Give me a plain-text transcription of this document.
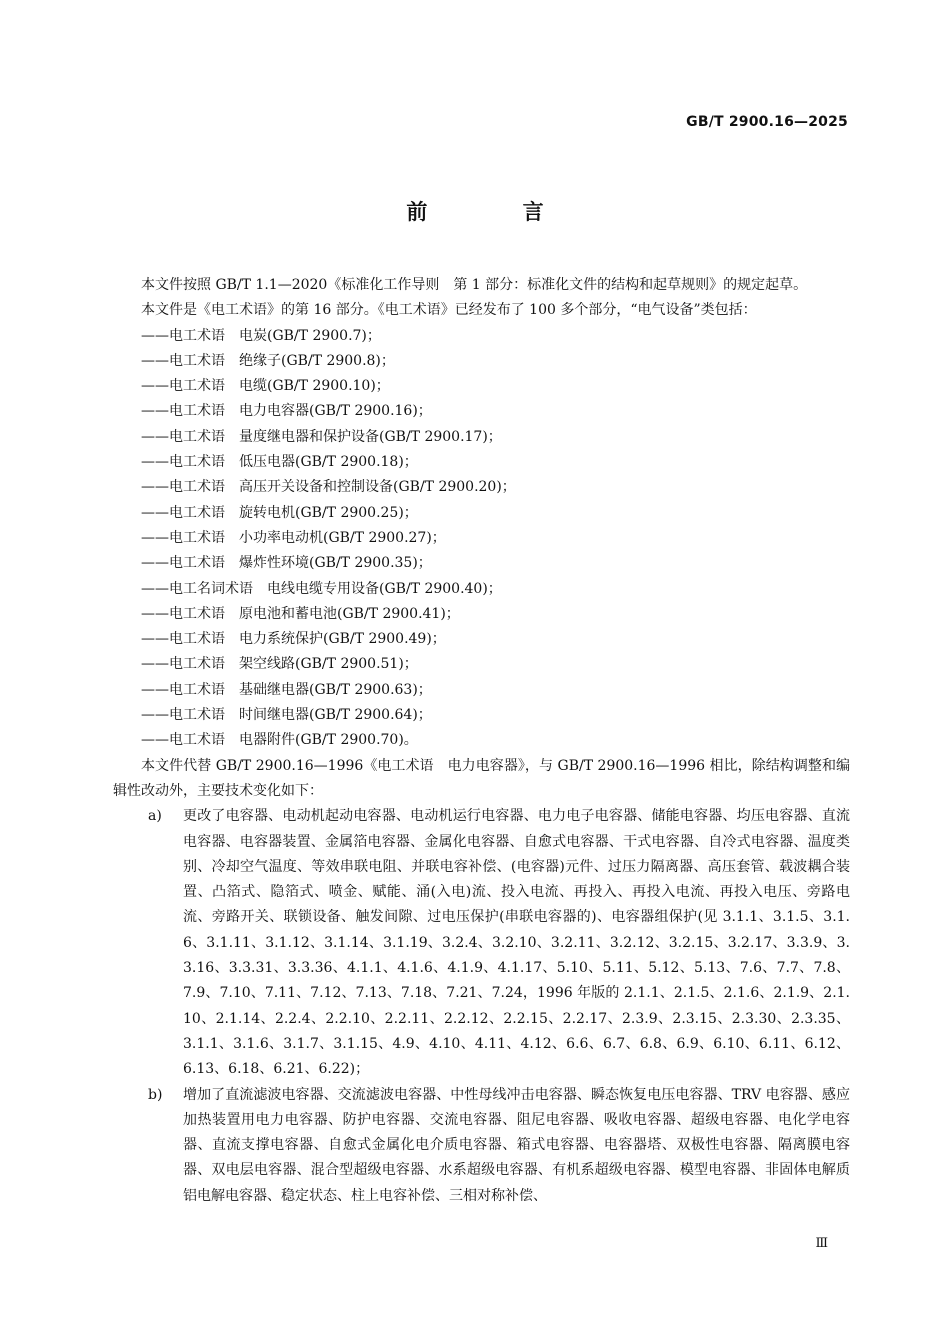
GB/T 2900.16—2025
前 言

本文件按照 GB/T 1.1—2020《标准化工作导则　第 1 部分：标准化文件的结构和起草规则》的规定起草。

本文件是《电工术语》的第 16 部分。《电工术语》已经发布了 100 多个部分，“电气设备”类包括：

——电工术语 电炭(GB/T 2900.7)；

——电工术语 绝缘子(GB/T 2900.8)；

——电工术语 电缆(GB/T 2900.10)；

——电工术语 电力电容器(GB/T 2900.16)；

——电工术语 量度继电器和保护设备(GB/T 2900.17)；

——电工术语 低压电器(GB/T 2900.18)；

——电工术语 高压开关设备和控制设备(GB/T 2900.20)；

——电工术语 旋转电机(GB/T 2900.25)；

——电工术语 小功率电动机(GB/T 2900.27)；

——电工术语 爆炸性环境(GB/T 2900.35)；

——电工名词术语 电线电缆专用设备(GB/T 2900.40)；

——电工术语 原电池和蓄电池(GB/T 2900.41)；

——电工术语 电力系统保护(GB/T 2900.49)；

——电工术语 架空线路(GB/T 2900.51)；

——电工术语 基础继电器(GB/T 2900.63)；

——电工术语 时间继电器(GB/T 2900.64)；

——电工术语 电器附件(GB/T 2900.70)。

本文件代替 GB/T 2900.16—1996《电工术语　电力电容器》，与 GB/T 2900.16—1996 相比，除结构调整和编辑性改动外，主要技术变化如下：

a)	更改了电容器、电动机起动电容器、电动机运行电容器、电力电子电容器、储能电容器、均压电容器、直流电容器、电容器装置、金属箔电容器、金属化电容器、自愈式电容器、干式电容器、自冷式电容器、温度类别、冷却空气温度、等效串联电阻、并联电容补偿、(电容器)元件、过压力隔离器、高压套管、载波耦合装置、凸箔式、隐箔式、喷金、赋能、涌(入电)流、投入电流、再投入、再投入电流、再投入电压、旁路电流、旁路开关、联锁设备、触发间隙、过电压保护(串联电容器的)、电容器组保护(见 3.1.1、3.1.5、3.1.6、3.1.11、3.1.12、3.1.14、3.1.19、3.2.4、3.2.10、3.2.11、3.2.12、3.2.15、3.2.17、3.3.9、3.3.16、3.3.31、3.3.36、4.1.1、4.1.6、4.1.9、4.1.17、5.10、5.11、5.12、5.13、7.6、7.7、7.8、7.9、7.10、7.11、7.12、7.13、7.18、7.21、7.24，1996 年版的 2.1.1、2.1.5、2.1.6、2.1.9、2.1.10、2.1.14、2.2.4、2.2.10、2.2.11、2.2.12、2.2.15、2.2.17、2.3.9、2.3.15、2.3.30、2.3.35、3.1.1、3.1.6、3.1.7、3.1.15、4.9、4.10、4.11、4.12、6.6、6.7、6.8、6.9、6.10、6.11、6.12、6.13、6.18、6.21、6.22)；
b)	增加了直流滤波电容器、交流滤波电容器、中性母线冲击电容器、瞬态恢复电压电容器、TRV 电容器、感应加热装置用电力电容器、防护电容器、交流电容器、阻尼电容器、吸收电容器、超级电容器、电化学电容器、直流支撑电容器、自愈式金属化电介质电容器、箱式电容器、电容器塔、双极性电容器、隔离膜电容器、双电层电容器、混合型超级电容器、水系超级电容器、有机系超级电容器、模型电容器、非固体电解质铝电解电容器、稳定状态、柱上电容补偿、三相对称补偿、
Ⅲ
